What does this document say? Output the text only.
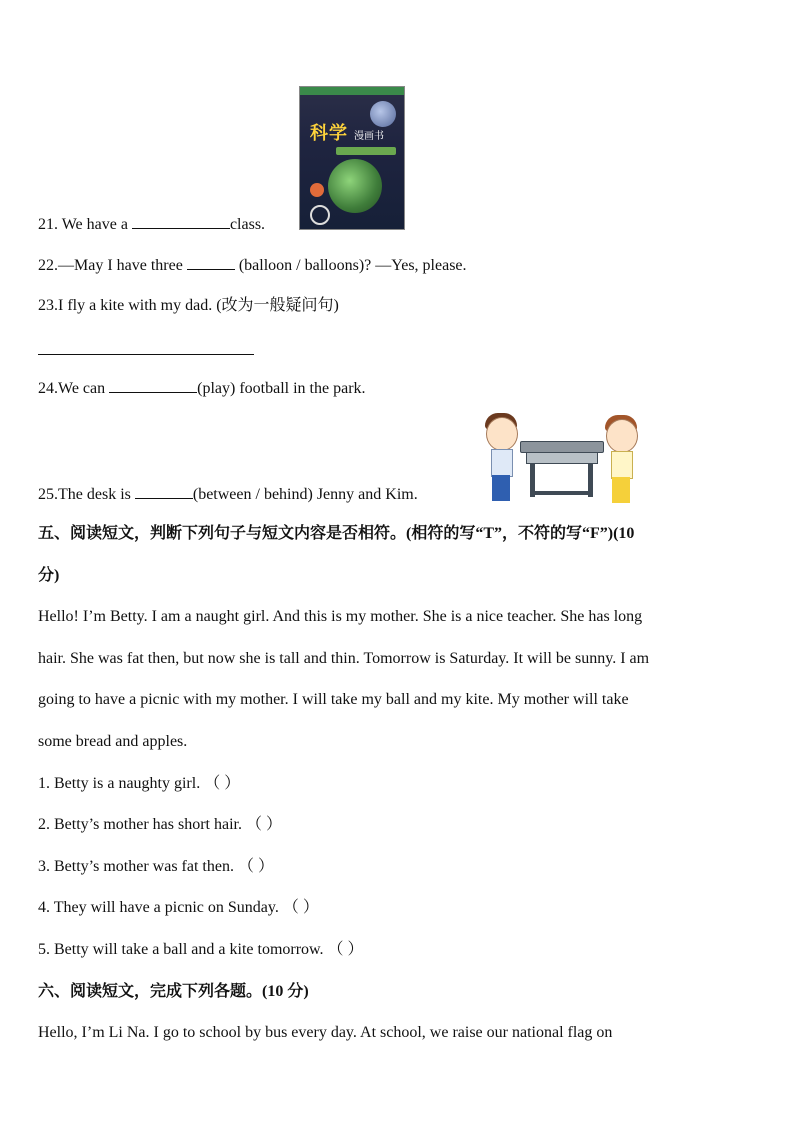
科学 漫画书
21. We have a	class.
22.—May I have three	(balloon / balloons)? —Yes, please.
23.I fly a kite with my dad. (改为一般疑问句)
24.We can	(play) football in the park.
25.The desk is	(between / behind) Jenny and Kim.
五、阅读短文，判断下列句子与短文内容是否相符。(相符的写“T”，不符的写“F”)(10
分)
Hello! I’m Betty. I am a naught girl. And this is my mother. She is a nice teacher. She has long
hair. She was fat then, but now she is tall and thin. Tomorrow is Saturday. It will be sunny. I am
going to have a picnic with my mother. I will take my ball and my kite. My mother will take
some bread and apples.
1. Betty is a naughty girl. （ ）
2. Betty’s mother has short hair. （ ）
3. Betty’s mother was fat then. （ ）
4. They will have a picnic on Sunday. （ ）
5. Betty will take a ball and a kite tomorrow. （ ）
六、阅读短文，完成下列各题。(10 分)
Hello, I’m Li Na. I go to school by bus every day. At school, we raise our national flag on
